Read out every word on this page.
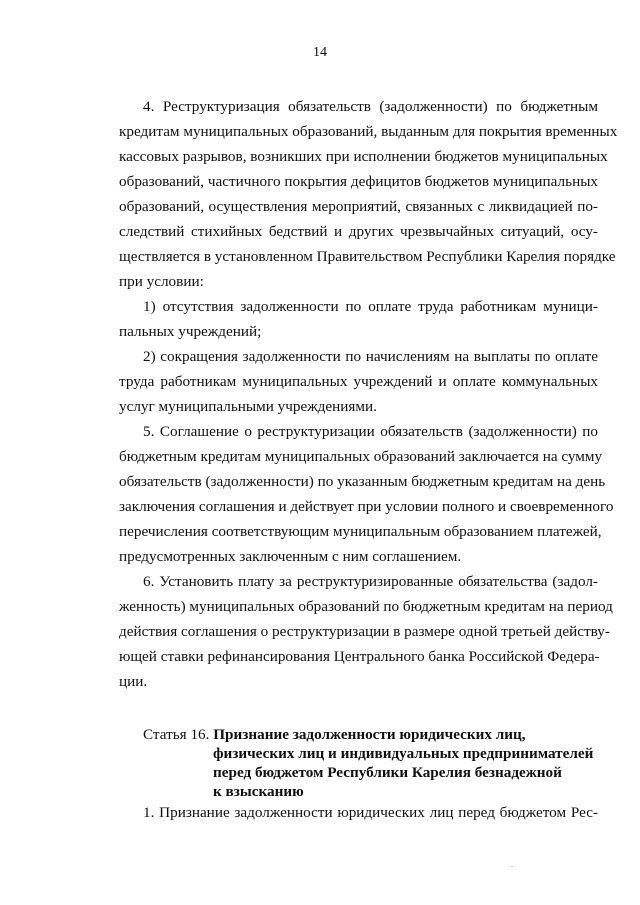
14
4. Реструктуризация обязательств (задолженности) по бюджетным
кредитам муниципальных образований, выданным для покрытия временных
кассовых разрывов, возникших при исполнении бюджетов муниципальных
образований, частичного покрытия дефицитов бюджетов муниципальных
образований, осуществления мероприятий, связанных с ликвидацией по-
следствий стихийных бедствий и других чрезвычайных ситуаций, осу-
ществляется в установленном Правительством Республики Карелия порядке
при условии:
1) отсутствия задолженности по оплате труда работникам муници-
пальных учреждений;
2) сокращения задолженности по начислениям на выплаты по оплате
труда работникам муниципальных учреждений и оплате коммунальных
услуг муниципальными учреждениями.
5. Соглашение о реструктуризации обязательств (задолженности) по
бюджетным кредитам муниципальных образований заключается на сумму
обязательств (задолженности) по указанным бюджетным кредитам на день
заключения соглашения и действует при условии полного и своевременного
перечисления соответствующим муниципальным образованием платежей,
предусмотренных заключенным с ним соглашением.
6. Установить плату за реструктуризированные обязательства (задол-
женность) муниципальных образований по бюджетным кредитам на период
действия соглашения о реструктуризации в размере одной третьей действу-
ющей ставки рефинансирования Центрального банка Российской Федера-
ции.
Статья 16. Признание задолженности юридических лиц,
физических лиц и индивидуальных предпринимателей
перед бюджетом Республики Карелия безнадежной
к взысканию
1. Признание задолженности юридических лиц перед бюджетом Рес-
